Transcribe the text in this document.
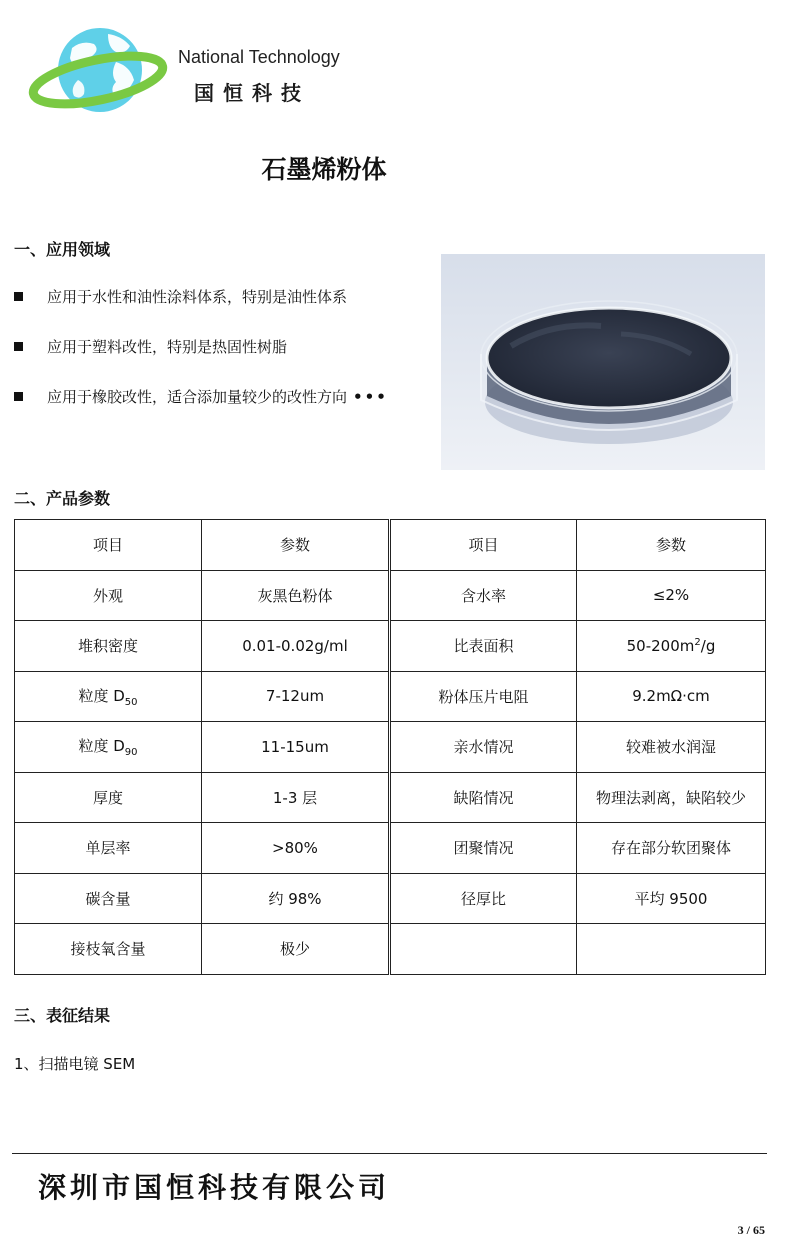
National Technology
国恒科技
石墨烯粉体
一、应用领域
应用于水性和油性涂料体系，特别是油性体系
应用于塑料改性，特别是热固性树脂
应用于橡胶改性，适合添加量较少的改性方向 •••
二、产品参数
项目	参数	项目	参数
外观	灰黑色粉体	含水率	≤2%
堆积密度	0.01-0.02g/ml	比表面积	$50-200m^2/g$
粒度 $D_{50}$	7-12um	粉体压片电阻	9.2mΩ·cm
粒度 $D_{90}$	11-15um	亲水情况	较难被水润湿
厚度	1-3 层	缺陷情况	物理法剥离，缺陷较少
单层率	>80%	团聚情况	存在部分软团聚体
碳含量	约 98%	径厚比	平均 9500
接枝氧含量	极少		
三、表征结果
1、扫描电镜 SEM
深圳市国恒科技有限公司
3 / 65
